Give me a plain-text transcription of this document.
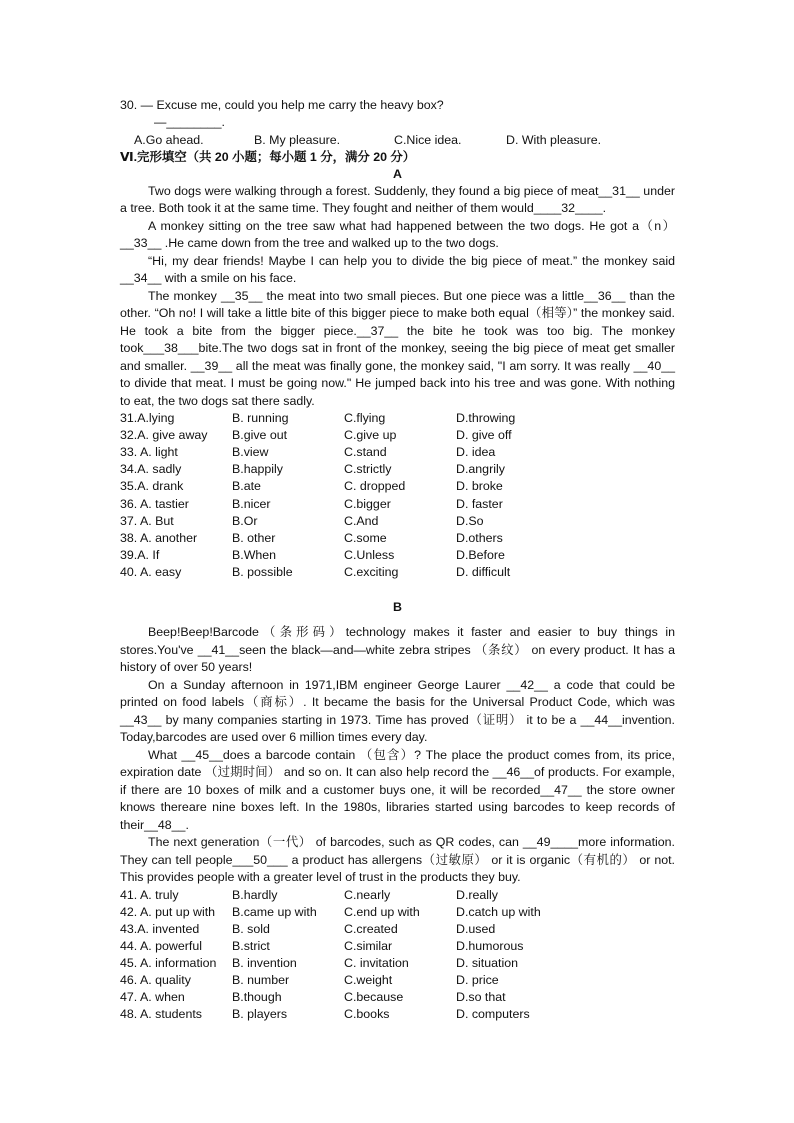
30. — Excuse me, could you help me carry the heavy box?
—________.
A.Go ahead.	B. My pleasure.	C.Nice idea.	D. With pleasure.
Ⅵ.完形填空（共 20 小题；每小题 1 分，满分 20 分）
A
Two dogs were walking through a forest. Suddenly, they found a big piece of meat__31__ under a tree. Both took it at the same time. They fought and neither of them would____32____.
A monkey sitting on the tree saw what had happened between the two dogs. He got a（n） __33__ .He came down from the tree and walked up to the two dogs.
“Hi, my dear friends! Maybe I can help you to divide the big piece of meat.” the monkey said __34__ with a smile on his face.
The monkey __35__ the meat into two small pieces. But one piece was a little__36__ than the other. “Oh no! I will take a little bite of this bigger piece to make both equal（相等）” the monkey said. He took a bite from the bigger piece.__37__ the bite he took was too big. The monkey took___38___bite.The two dogs sat in front of the monkey, seeing the big piece of meat get smaller and smaller. __39__ all the meat was finally gone, the monkey said, "I am sorry. It was really __40__ to divide that meat. I must be going now." He jumped back into his tree and was gone. With nothing to eat, the two dogs sat there sadly.
31.A.lying	B. running	C.flying	D.throwing
32.A. give away	B.give out	C.give up	D. give off
33. A. light	B.view	C.stand	D. idea
34.A. sadly	B.happily	C.strictly	D.angrily
35.A. drank	B.ate	C. dropped	D. broke
36. A. tastier	B.nicer	C.bigger	D. faster
37. A. But	B.Or	C.And	D.So
38. A. another	B. other	C.some	D.others
39.A. If	B.When	C.Unless	D.Before
40. A. easy	B. possible	C.exciting	D. difficult
B
Beep!Beep!Barcode（条形码）technology makes it faster and easier to buy things in stores.You've __41__seen the black—and—white zebra stripes （条纹） on every product. It has a history of over 50 years!
On a Sunday afternoon in 1971,IBM engineer George Laurer __42__ a code that could be printed on food labels（商标）. It became the basis for the Universal Product Code, which was __43__ by many companies starting in 1973. Time has proved（证明） it to be a __44__invention. Today,barcodes are used over 6 million times every day.
What __45__does a barcode contain （包含）? The place the product comes from, its price, expiration date （过期时间） and so on. It can also help record the __46__of products. For example, if there are 10 boxes of milk and a customer buys one, it will be recorded__47__ the store owner knows thereare nine boxes left. In the 1980s, libraries started using barcodes to keep records of their__48__.
The next generation（一代） of barcodes, such as QR codes, can __49____more information. They can tell people___50___ a product has allergens（过敏原） or it is organic（有机的） or not. This provides people with a greater level of trust in the products they buy.
41. A. truly	B.hardly	C.nearly	D.really
42. A. put up with	B.came up with	C.end up with	D.catch up with
43.A. invented	B. sold	C.created	D.used
44. A. powerful	B.strict	C.similar	D.humorous
45. A. information	B. invention	C. invitation	D. situation
46. A. quality	B. number	C.weight	D. price
47. A. when	B.though	C.because	D.so that
48. A. students	B. players	C.books	D. computers
